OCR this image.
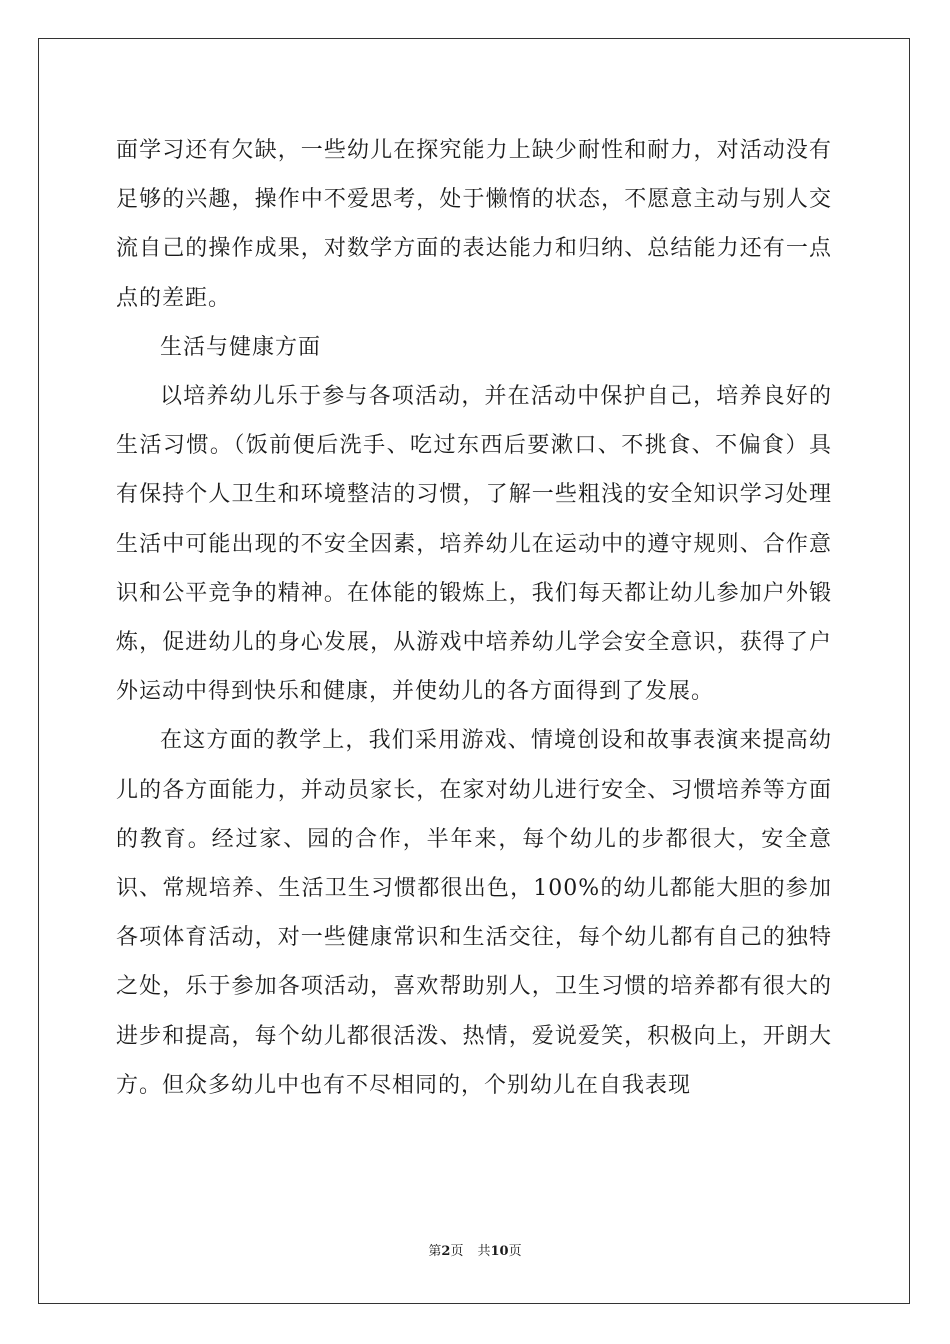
面学习还有欠缺，一些幼儿在探究能力上缺少耐性和耐力，对活动没有足够的兴趣，操作中不爱思考，处于懒惰的状态，不愿意主动与别人交流自己的操作成果，对数学方面的表达能力和归纳、总结能力还有一点点的差距。

生活与健康方面

以培养幼儿乐于参与各项活动，并在活动中保护自己，培养良好的生活习惯。（饭前便后洗手、吃过东西后要漱口、不挑食、不偏食）具有保持个人卫生和环境整洁的习惯，了解一些粗浅的安全知识学习处理生活中可能出现的不安全因素，培养幼儿在运动中的遵守规则、合作意识和公平竞争的精神。在体能的锻炼上，我们每天都让幼儿参加户外锻炼，促进幼儿的身心发展，从游戏中培养幼儿学会安全意识，获得了户外运动中得到快乐和健康，并使幼儿的各方面得到了发展。

在这方面的教学上，我们采用游戏、情境创设和故事表演来提高幼儿的各方面能力，并动员家长，在家对幼儿进行安全、习惯培养等方面的教育。经过家、园的合作，半年来，每个幼儿的步都很大，安全意识、常规培养、生活卫生习惯都很出色，100%的幼儿都能大胆的参加各项体育活动，对一些健康常识和生活交往，每个幼儿都有自己的独特之处，乐于参加各项活动，喜欢帮助别人，卫生习惯的培养都有很大的进步和提高，每个幼儿都很活泼、热情，爱说爱笑，积极向上，开朗大方。但众多幼儿中也有不尽相同的，个别幼儿在自我表现

第2页 共10页
